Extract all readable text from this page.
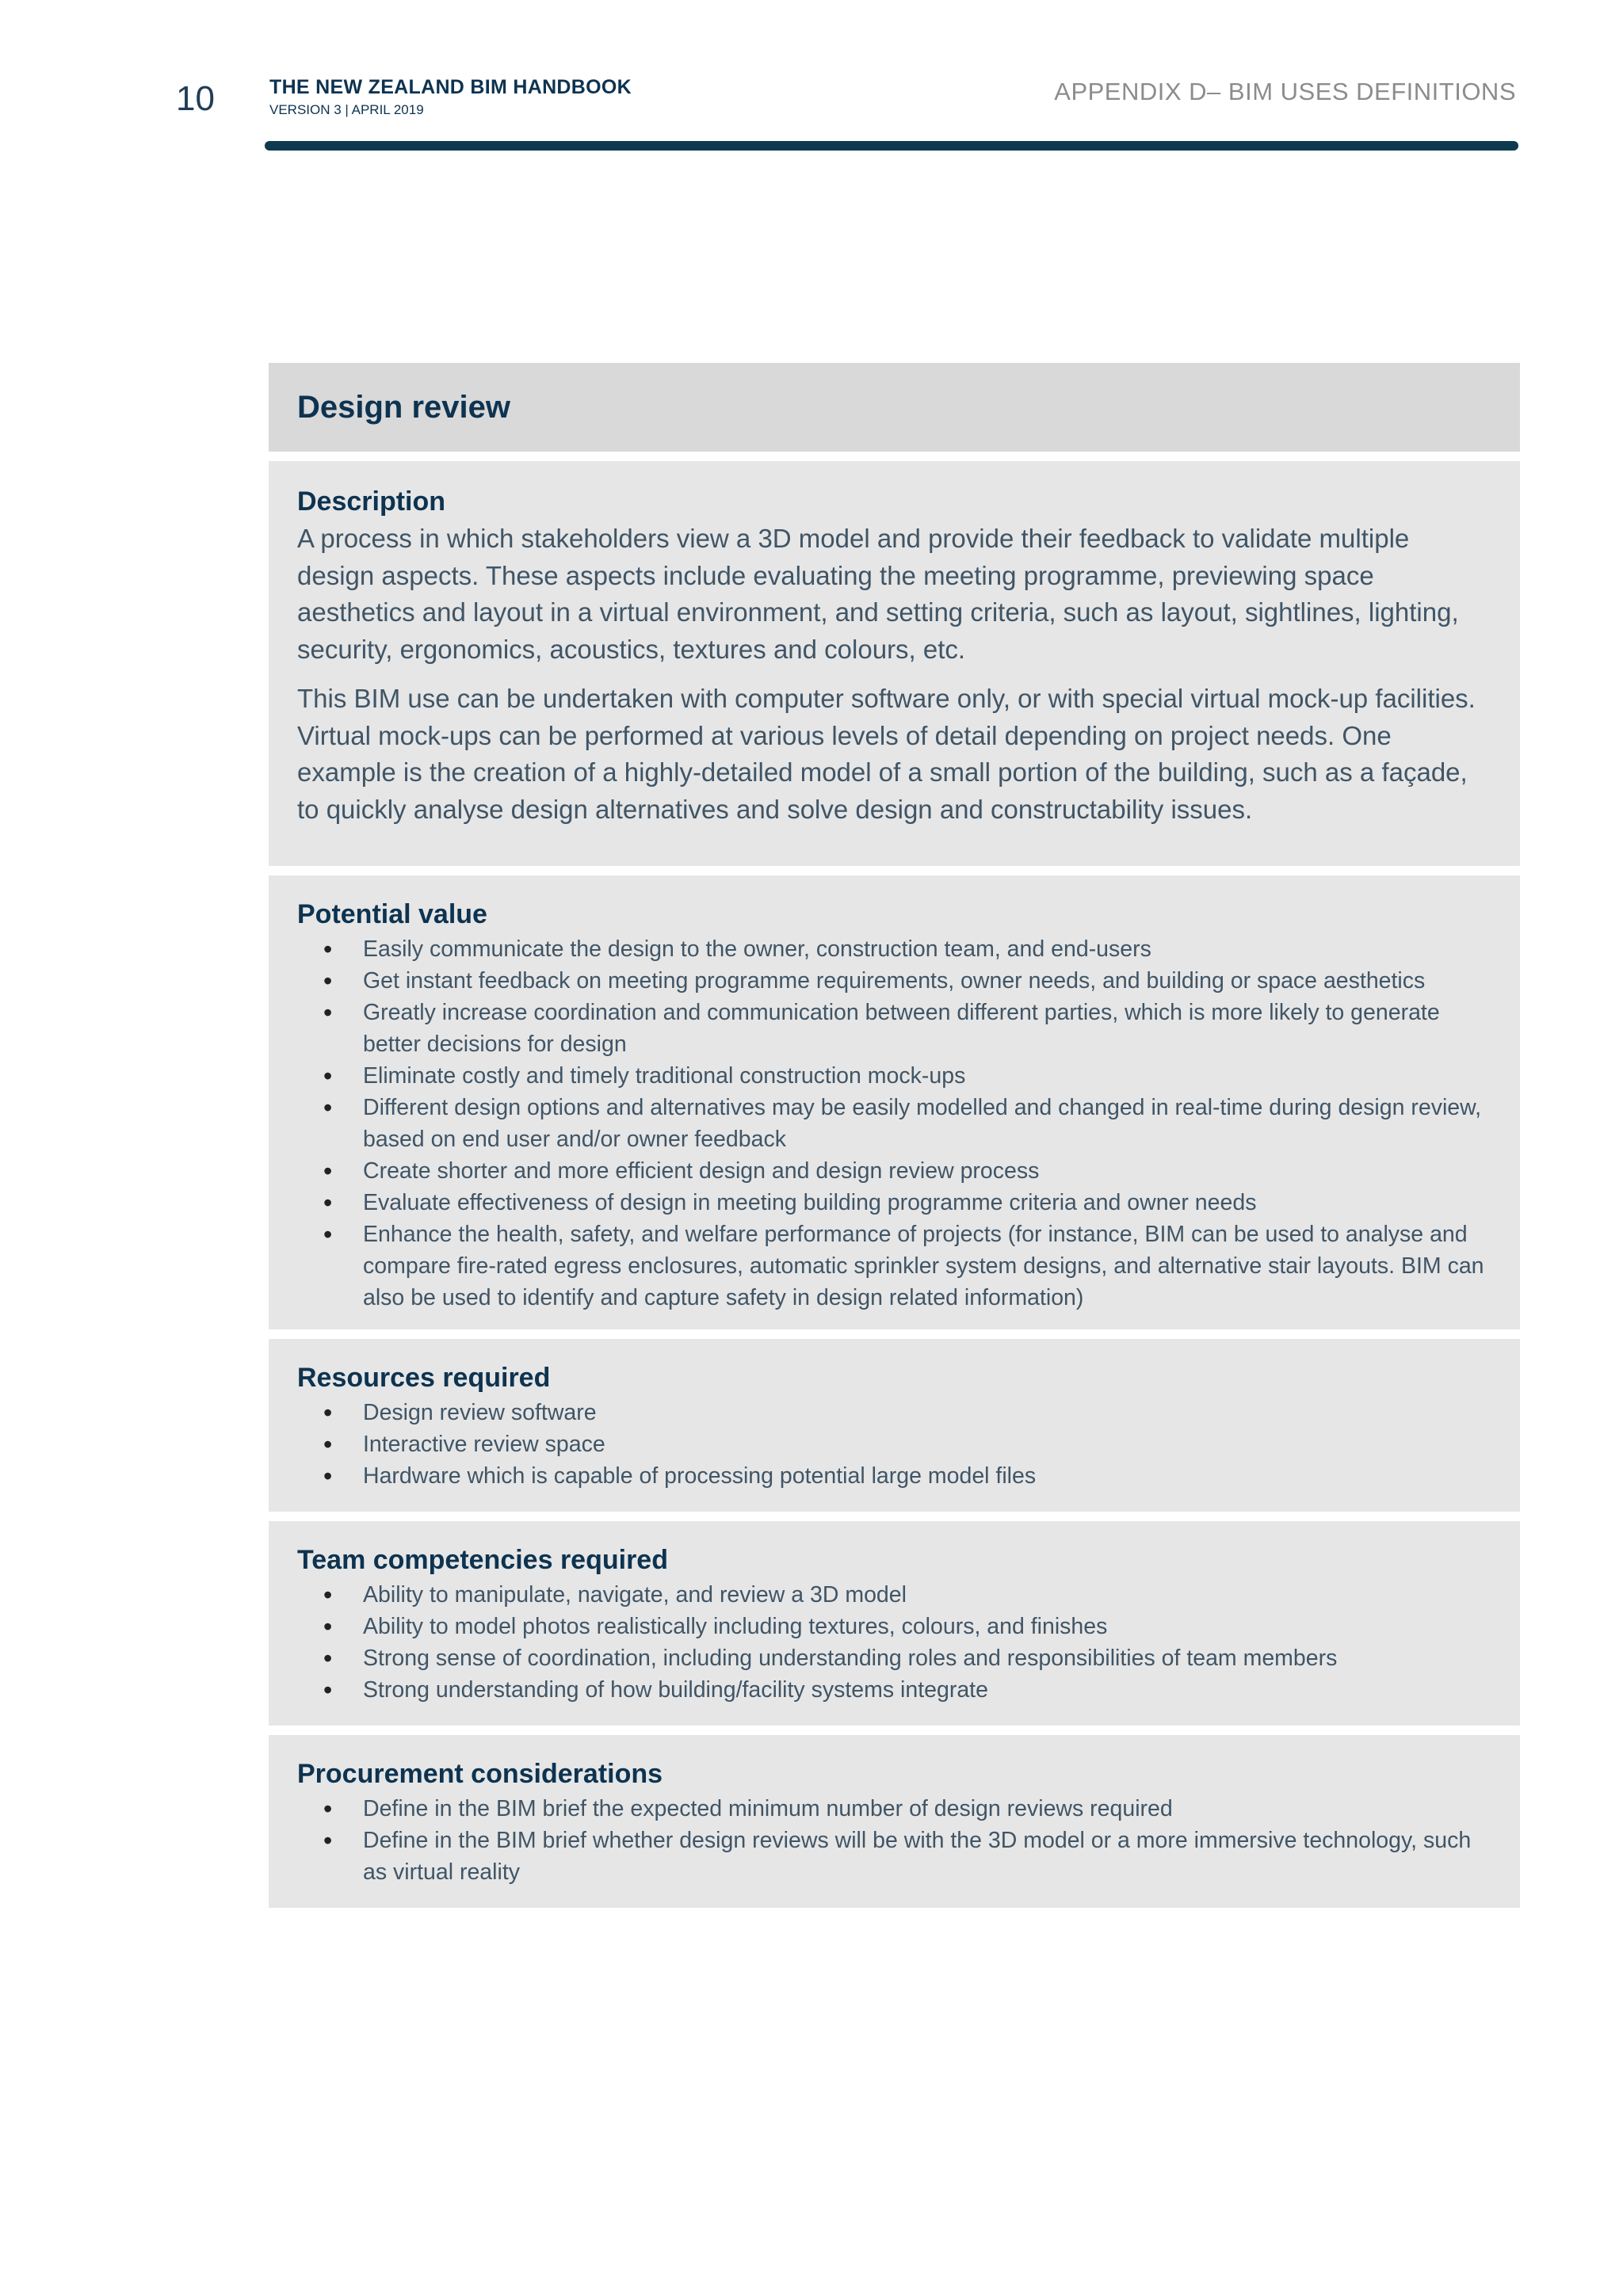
10	THE NEW ZEALAND BIM HANDBOOK
VERSION 3 | APRIL 2019
APPENDIX D– BIM USES DEFINITIONS
Design review
Description

A process in which stakeholders view a 3D model and provide their feedback to validate multiple design aspects. These aspects include evaluating the meeting programme, previewing space aesthetics and layout in a virtual environment, and setting criteria, such as layout, sightlines, lighting, security, ergonomics, acoustics, textures and colours, etc.

This BIM use can be undertaken with computer software only, or with special virtual mock-up facilities. Virtual mock-ups can be performed at various levels of detail depending on project needs. One example is the creation of a highly-detailed model of a small portion of the building, such as a façade, to quickly analyse design alternatives and solve design and constructability issues.

Potential value
• Easily communicate the design to the owner, construction team, and end-users
• Get instant feedback on meeting programme requirements, owner needs, and building or space aesthetics
• Greatly increase coordination and communication between different parties, which is more likely to generate better decisions for design
• Eliminate costly and timely traditional construction mock-ups
• Different design options and alternatives may be easily modelled and changed in real-time during design review, based on end user and/or owner feedback
• Create shorter and more efficient design and design review process
• Evaluate effectiveness of design in meeting building programme criteria and owner needs
• Enhance the health, safety, and welfare performance of projects (for instance, BIM can be used to analyse and compare fire-rated egress enclosures, automatic sprinkler system designs, and alternative stair layouts. BIM can also be used to identify and capture safety in design related information)
Resources required
• Design review software
• Interactive review space
• Hardware which is capable of processing potential large model files
Team competencies required
• Ability to manipulate, navigate, and review a 3D model
• Ability to model photos realistically including textures, colours, and finishes
• Strong sense of coordination, including understanding roles and responsibilities of team members
• Strong understanding of how building/facility systems integrate
Procurement considerations
• Define in the BIM brief the expected minimum number of design reviews required
• Define in the BIM brief whether design reviews will be with the 3D model or a more immersive technology, such as virtual reality
